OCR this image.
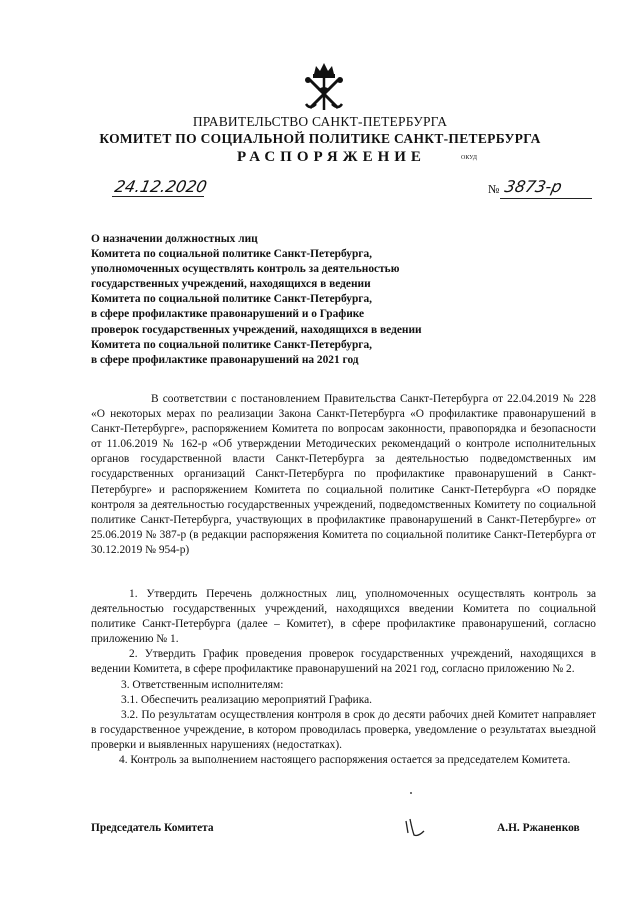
ПРАВИТЕЛЬСТВО САНКТ-ПЕТЕРБУРГА
КОМИТЕТ ПО СОЦИАЛЬНОЙ ПОЛИТИКЕ САНКТ-ПЕТЕРБУРГА
РАСПОРЯЖЕНИЕ	ОКУД
24.12.2020	№ 3873-р
О назначении должностных лиц
Комитета по социальной политике Санкт-Петербурга,
уполномоченных осуществлять контроль за деятельностью
государственных учреждений, находящихся в ведении
Комитета по социальной политике Санкт-Петербурга,
в сфере профилактике правонарушений и о Графике
проверок государственных учреждений, находящихся в ведении
Комитета по социальной политике Санкт-Петербурга,
в сфере профилактике правонарушений на 2021 год
В соответствии с постановлением Правительства Санкт-Петербурга от 22.04.2019 № 228 «О некоторых мерах по реализации Закона Санкт-Петербурга «О профилактике правонарушений в Санкт-Петербурге», распоряжением Комитета по вопросам законности, правопорядка и безопасности от 11.06.2019 № 162-р «Об утверждении Методических рекомендаций о контроле исполнительных органов государственной власти Санкт-Петербурга за деятельностью подведомственных им государственных организаций Санкт-Петербурга по профилактике правонарушений в Санкт-Петербурге» и распоряжением Комитета по социальной политике Санкт-Петербурга «О порядке контроля за деятельностью государственных учреждений, подведомственных Комитету по социальной политике Санкт-Петербурга, участвующих в профилактике правонарушений в Санкт-Петербурге» от 25.06.2019 № 387-р (в редакции распоряжения Комитета по социальной политике Санкт-Петербурга от 30.12.2019 № 954-р)

1. Утвердить Перечень должностных лиц, уполномоченных осуществлять контроль за деятельностью государственных учреждений, находящихся введении Комитета по социальной политике Санкт-Петербурга (далее – Комитет), в сфере профилактике правонарушений, согласно приложению № 1.

2. Утвердить График проведения проверок государственных учреждений, находящихся в ведении Комитета, в сфере профилактике правонарушений на 2021 год, согласно приложению № 2.

3. Ответственным исполнителям:

3.1. Обеспечить реализацию мероприятий Графика.

3.2. По результатам осуществления контроля в срок до десяти рабочих дней Комитет направляет в государственное учреждение, в котором проводилась проверка, уведомление о результатах выездной проверки и выявленных нарушениях (недостатках).

4. Контроль за выполнением настоящего распоряжения остается за председателем Комитета.

Председатель Комитета	А.Н. Ржаненков
